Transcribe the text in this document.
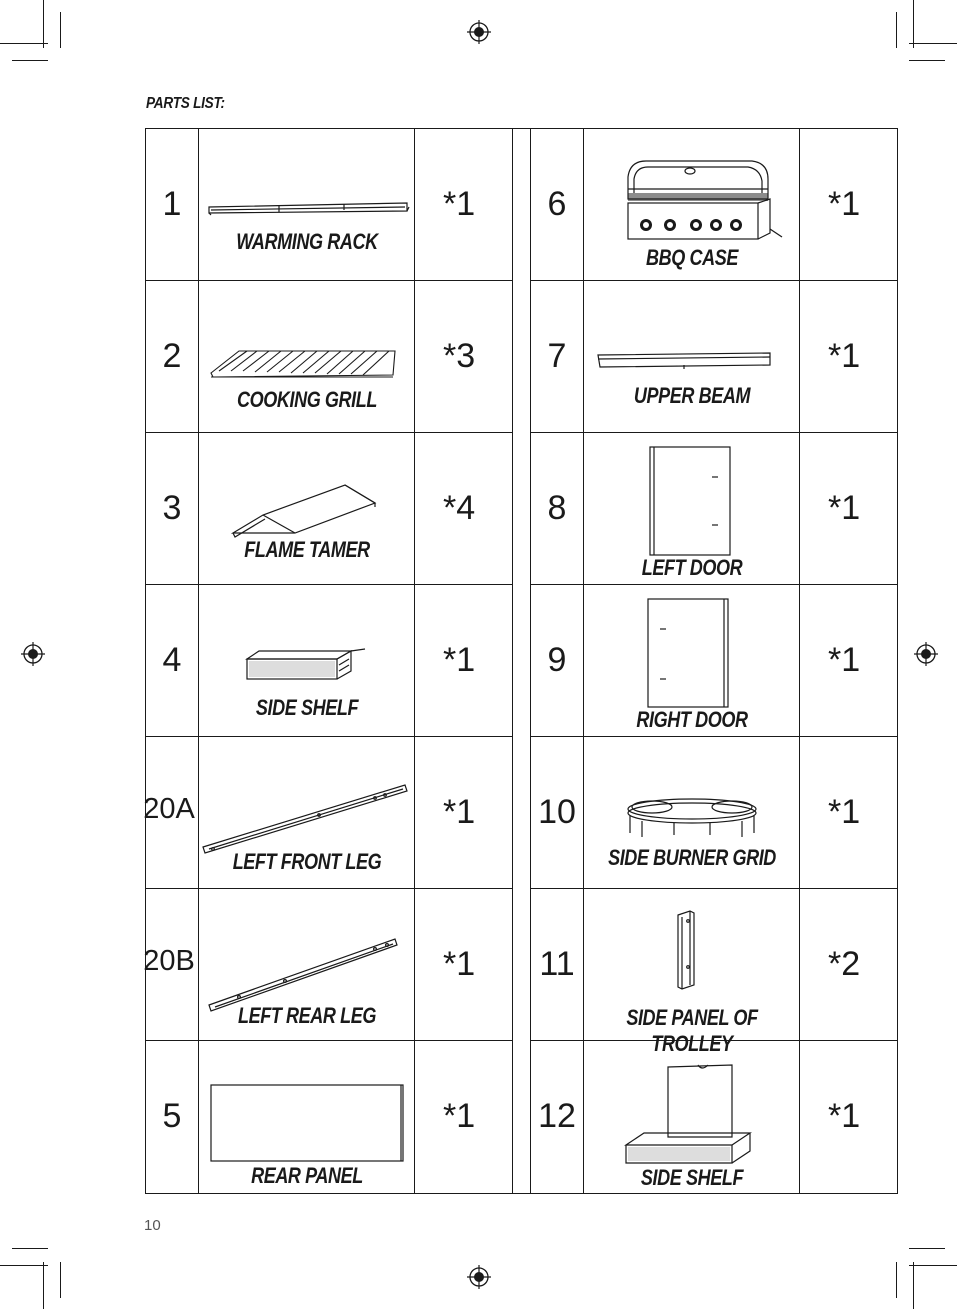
PARTS LIST:
1
WARMING RACK
*1
2
COOKING GRILL
*3
3
FLAME TAMER
*4
4
SIDE SHELF
*1
20A
LEFT FRONT LEG
*1
20B
LEFT REAR LEG
*1
5
REAR PANEL
*1
6
BBQ CASE
*1
7
UPPER BEAM
*1
8
LEFT DOOR
*1
9
RIGHT DOOR
*1
10
SIDE BURNER GRID
*1
11
SIDE PANEL OF TROLLEY
*2
12
SIDE SHELF
*1
10
